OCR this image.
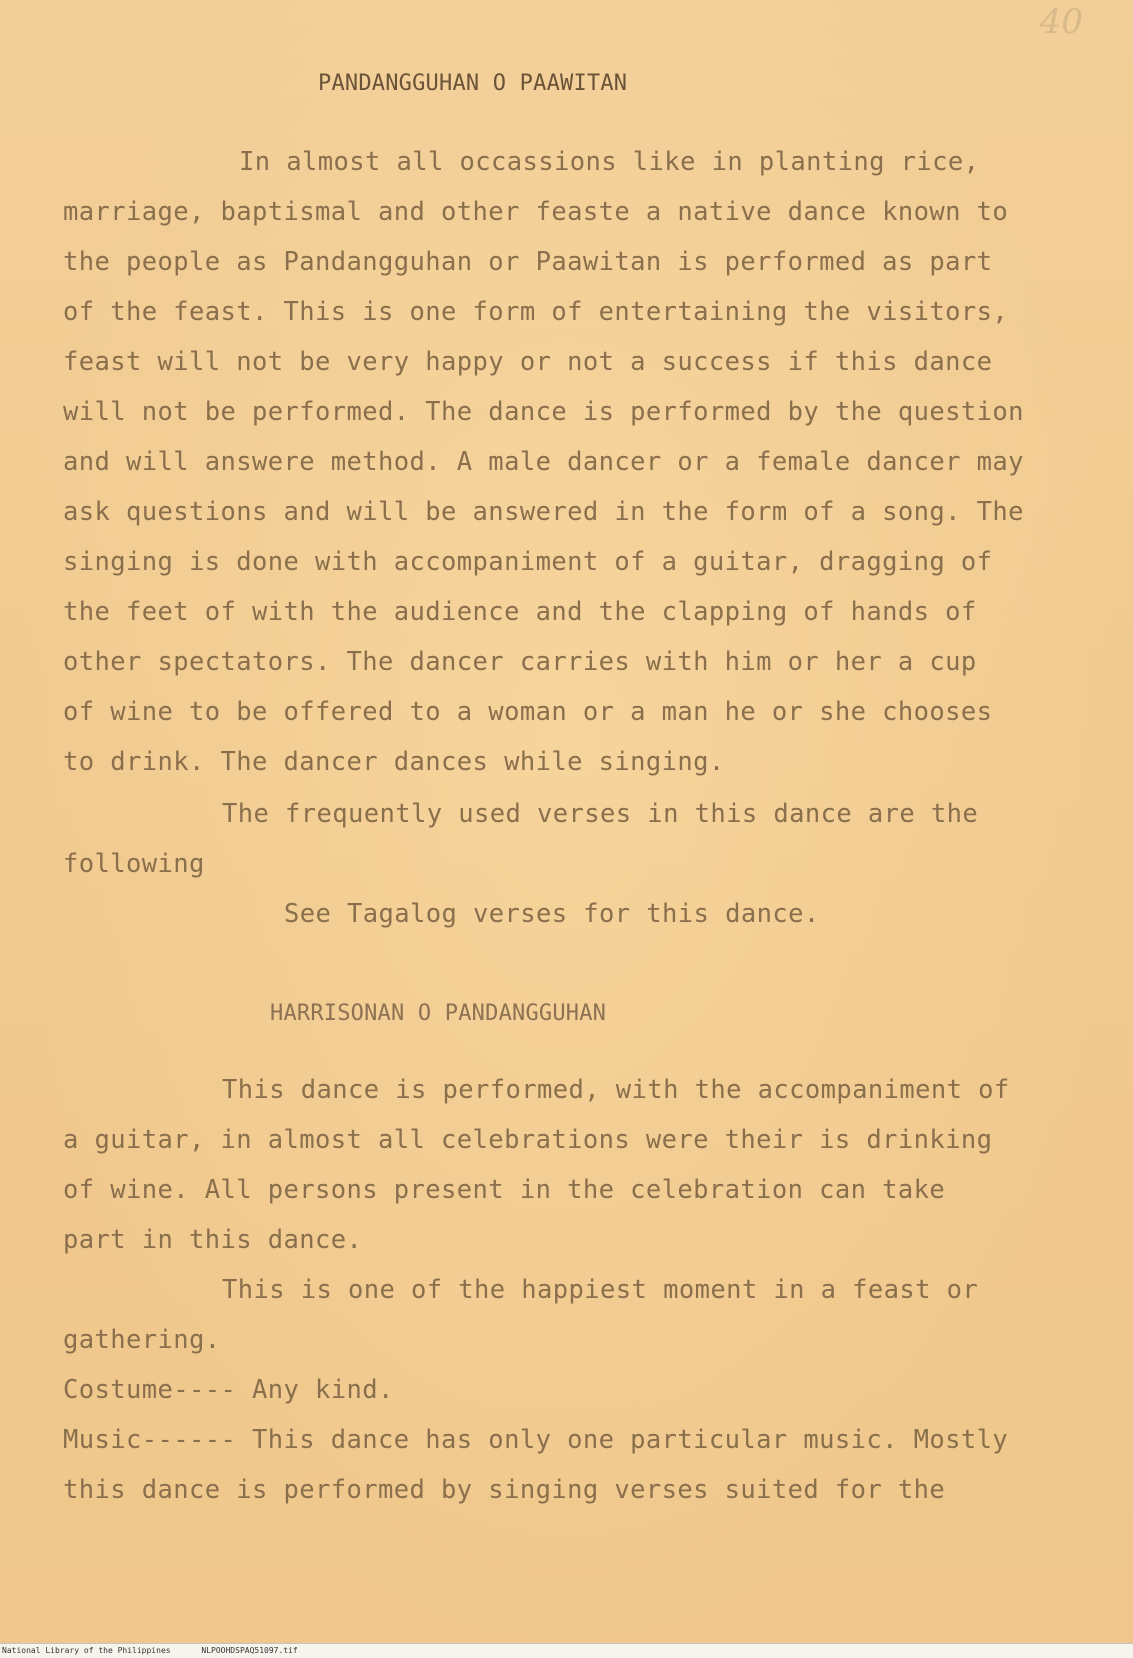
40
PANDANGGUHAN O PAAWITAN
In almost all occassions like in planting rice,
marriage, baptismal and other feaste a native dance known to
the people as Pandangguhan or Paawitan is performed as part
of the feast. This is one form of entertaining the visitors,
feast will not be very happy or not a success if this dance
will not be performed. The dance is performed by the question
and will answere method. A male dancer or a female dancer may
ask questions and will be answered in the form of a song. The
singing is done with accompaniment of a guitar, dragging of
the feet of with the audience and the clapping of hands of
other spectators. The dancer carries with him or her a cup
of wine to be offered to a woman or a man he or she chooses
to drink. The dancer dances while singing.
The frequently used verses in this dance are the
following
See Tagalog verses for this dance.
HARRISONAN O PANDANGGUHAN
This dance is performed, with the accompaniment of
a guitar, in almost all celebrations were their is drinking
of wine. All persons present in the celebration can take
part in this dance.
This is one of the happiest moment in a feast or
gathering.
Costume---- Any kind.
Music------ This dance has only one particular music. Mostly
this dance is performed by singing verses suited for the
National Library of the Philippines	NLPOOHDSPAQ51097.tif
